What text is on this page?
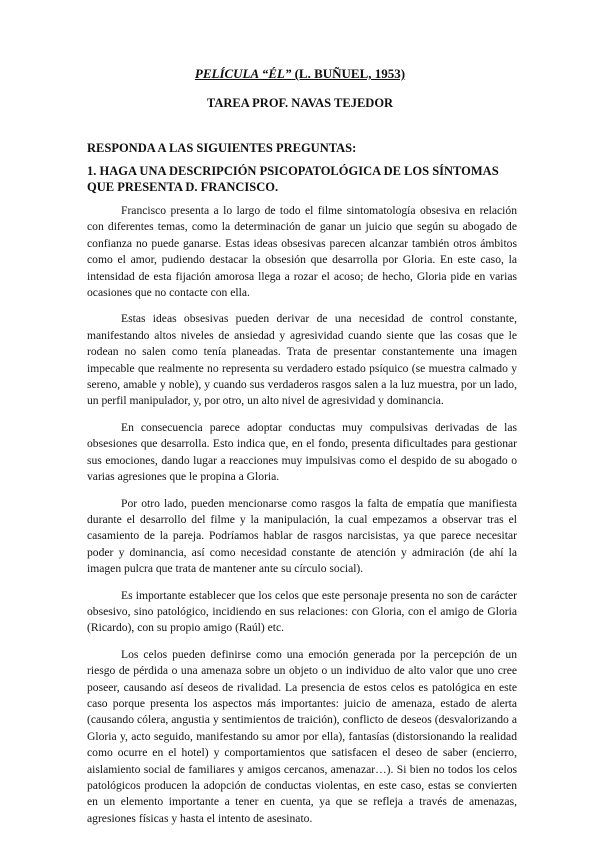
PELÍCULA “ÉL” (L. BUÑUEL, 1953)
TAREA PROF. NAVAS TEJEDOR
RESPONDA A LAS SIGUIENTES PREGUNTAS:
1. HAGA UNA DESCRIPCIÓN PSICOPATOLÓGICA DE LOS SÍNTOMAS QUE PRESENTA D. FRANCISCO.

Francisco presenta a lo largo de todo el filme sintomatología obsesiva en relación con diferentes temas, como la determinación de ganar un juicio que según su abogado de confianza no puede ganarse. Estas ideas obsesivas parecen alcanzar también otros ámbitos como el amor, pudiendo destacar la obsesión que desarrolla por Gloria. En este caso, la intensidad de esta fijación amorosa llega a rozar el acoso; de hecho, Gloria pide en varias ocasiones que no contacte con ella.

Estas ideas obsesivas pueden derivar de una necesidad de control constante, manifestando altos niveles de ansiedad y agresividad cuando siente que las cosas que le rodean no salen como tenía planeadas. Trata de presentar constantemente una imagen impecable que realmente no representa su verdadero estado psíquico (se muestra calmado y sereno, amable y noble), y cuando sus verdaderos rasgos salen a la luz muestra, por un lado, un perfil manipulador, y, por otro, un alto nivel de agresividad y dominancia.

En consecuencia parece adoptar conductas muy compulsivas derivadas de las obsesiones que desarrolla. Esto indica que, en el fondo, presenta dificultades para gestionar sus emociones, dando lugar a reacciones muy impulsivas como el despido de su abogado o varias agresiones que le propina a Gloria.

Por otro lado, pueden mencionarse como rasgos la falta de empatía que manifiesta durante el desarrollo del filme y la manipulación, la cual empezamos a observar tras el casamiento de la pareja. Podríamos hablar de rasgos narcisistas, ya que parece necesitar poder y dominancia, así como necesidad constante de atención y admiración (de ahí la imagen pulcra que trata de mantener ante su círculo social).

Es importante establecer que los celos que este personaje presenta no son de carácter obsesivo, sino patológico, incidiendo en sus relaciones: con Gloria, con el amigo de Gloria (Ricardo), con su propio amigo (Raúl) etc.

Los celos pueden definirse como una emoción generada por la percepción de un riesgo de pérdida o una amenaza sobre un objeto o un individuo de alto valor que uno cree poseer, causando así deseos de rivalidad. La presencia de estos celos es patológica en este caso porque presenta los aspectos más importantes: juicio de amenaza, estado de alerta (causando cólera, angustia y sentimientos de traición), conflicto de deseos (desvalorizando a Gloria y, acto seguido, manifestando su amor por ella), fantasías (distorsionando la realidad como ocurre en el hotel) y comportamientos que satisfacen el deseo de saber (encierro, aislamiento social de familiares y amigos cercanos, amenazar…). Si bien no todos los celos patológicos producen la adopción de conductas violentas, en este caso, estas se convierten en un elemento importante a tener en cuenta, ya que se refleja a través de amenazas, agresiones físicas y hasta el intento de asesinato.
